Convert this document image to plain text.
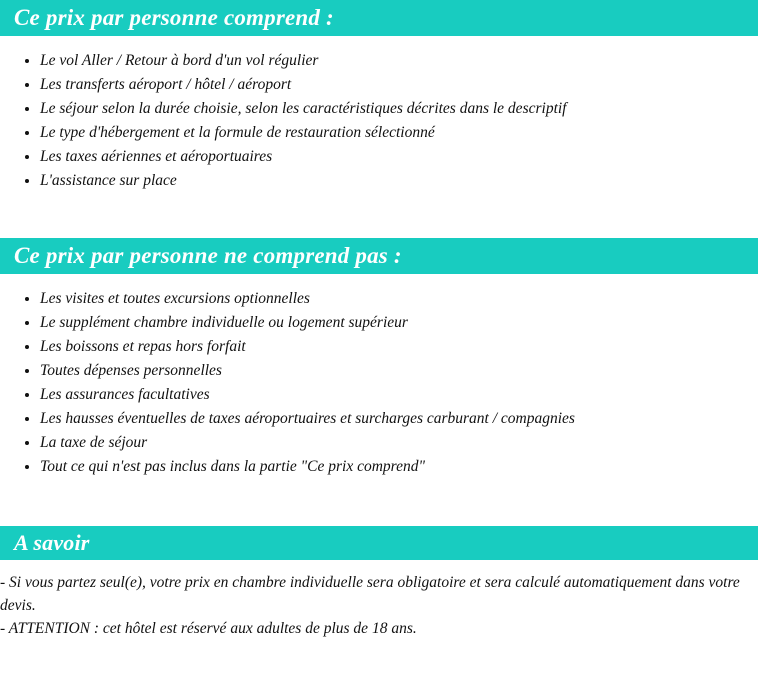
Ce prix par personne comprend :
Le vol Aller / Retour à bord d'un vol régulier
Les transferts aéroport / hôtel / aéroport
Le séjour selon la durée choisie, selon les caractéristiques décrites dans le descriptif
Le type d'hébergement et la formule de restauration sélectionné
Les taxes aériennes et aéroportuaires
L'assistance sur place
Ce prix par personne ne comprend pas :
Les visites et toutes excursions optionnelles
Le supplément chambre individuelle ou logement supérieur
Les boissons et repas hors forfait
Toutes dépenses personnelles
Les assurances facultatives
Les hausses éventuelles de taxes aéroportuaires et surcharges carburant / compagnies
La taxe de séjour
Tout ce qui n'est pas inclus dans la partie "Ce prix comprend"
A savoir

- Si vous partez seul(e), votre prix en chambre individuelle sera obligatoire et sera calculé automatiquement dans votre devis.

- ATTENTION : cet hôtel est réservé aux adultes de plus de 18 ans.
